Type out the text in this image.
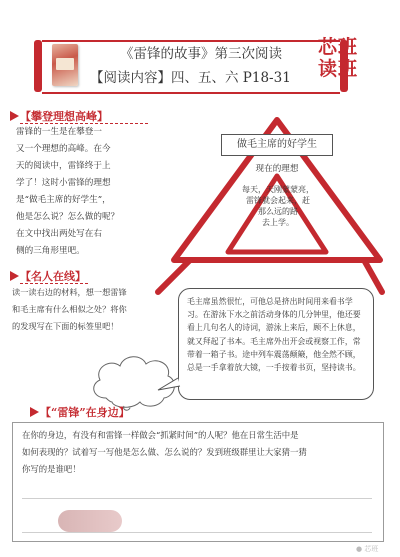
《雷锋的故事》第三次阅读
【阅读内容】四、五、六 P18-31
芯班
读班
【攀登理想高峰】
雷锋的一生是在攀登一
又一个理想的高峰。在今
天的阅读中，雷锋终于上
学了！这时小雷锋的理想
是“做毛主席的好学生”，
他是怎么说？怎么做的呢？
在文中找出两处写在右
侧的三角形里吧。
做毛主席的好学生
现在的理想
每天，天刚蒙蒙亮，
雷锋就会起来，赶
那么远的路
去上学。
【名人在线】
读一读右边的材料，想一想雷锋
和毛主席有什么相似之处？将你
的发现写在下面的标签里吧！
毛主席虽然很忙，可他总是挤出时间用来看书学习。在游泳下水之前活动身体的几分钟里，他还要看上几句名人的诗词，游泳上来后，顾不上休息，就又拜起了书本。毛主席外出开会或视察工作，常带着一箱子书。途中列车震荡颠簸，他全然不顾，总是一手拿着放大镜，一手按着书页，坚持读书。
【“雷锋”在身边】
在你的身边，有没有和雷锋一样做会“抓紧时间”的人呢？他在日常生活中是
如何表现的？试着写一写他是怎么做、怎么说的？发到班级群里让大家猜一猜
你写的是谁吧！
● 芯班
